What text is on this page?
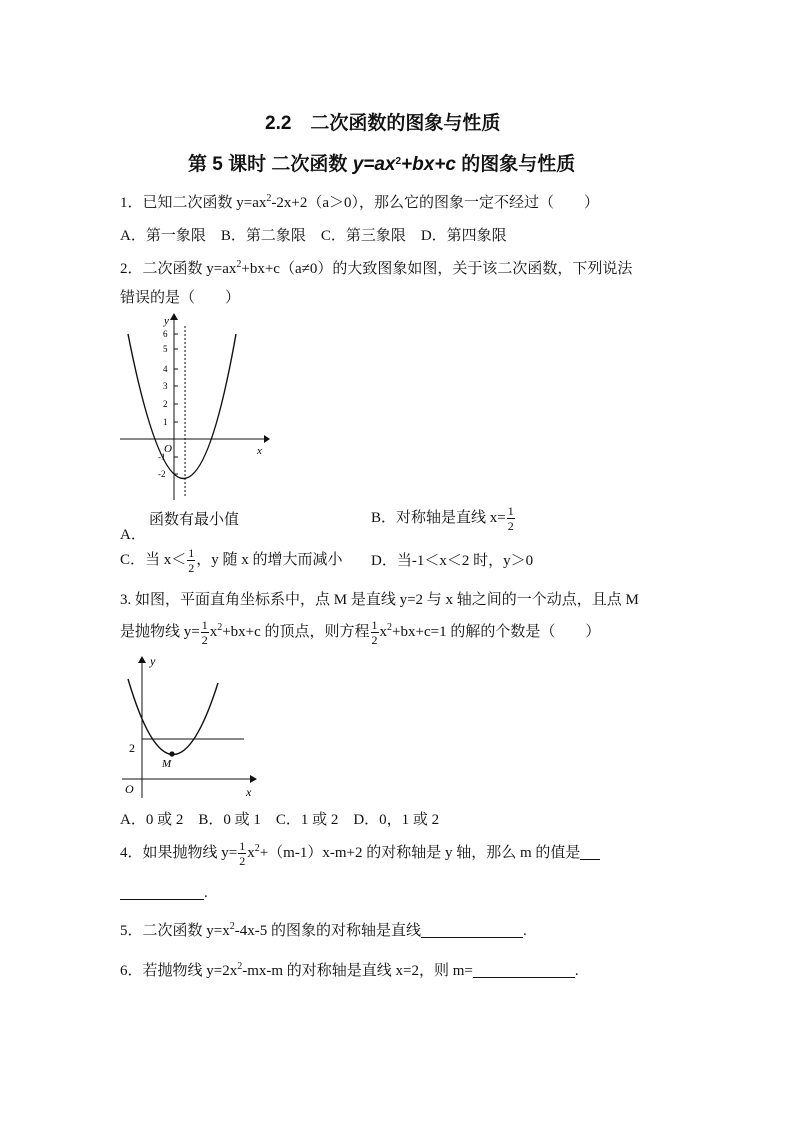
2.2　二次函数的图象与性质
第 5 课时 二次函数 $y=ax^2+bx+c$ 的图象与性质
1．已知二次函数 $y=ax^2-2x+2(a>0)$，那么它的图象一定不经过（　　）
A．第一象限　B．第二象限　C．第三象限　D．第四象限
2．二次函数 $y=ax^2+bx+c(a\ne 0)$的大致图象如图，关于该二次函数，下列说法
错误的是（　　）
6
5
4
3
2
1
-1
-2
y
x
O
A．
函数有最小值	B．对称轴是直线 $x= \frac{1}{2}$
C．当 $x< \frac{1}{2}$ ，y 随 x 的增大而减小 D．当-1＜x＜2 时，y＞0
3. 如图，平面直角坐标系中，点 M 是直线 y=2 与 x 轴之间的一个动点，且点 M
是抛物线 $y= \frac{1}{2} x^2+bx+c$ 的顶点，则方程 $\frac{1}{2} x^2+bx+c=1$ 的解的个数是（　　）
y
x
O
2
M
A．0 或 2　B．0 或 1　C．1 或 2　D．0，1 或 2
4．如果抛物线 $y= \frac{1}{2} x^2+(m-1)x-m+2$ 的对称轴是 y 轴，那么 m 的值是
.
5．二次函数 $y=x^2-4x-5$ 的图象的对称轴是直线	.
6．若抛物线 $y=2x^2-mx-m$ 的对称轴是直线 x=2，则 m=	.
